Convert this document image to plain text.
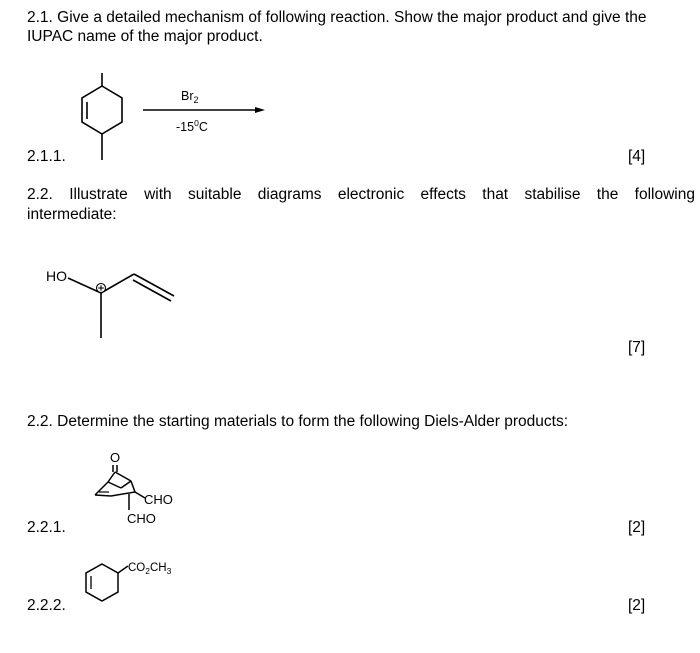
2.1. Give a detailed mechanism of following reaction. Show the major product and give the
IUPAC name of the major product.
$Br_2$
$-15^0C$
2.1.1.	[4]
2.2. Illustrate with suitable diagrams electronic effects that stabilise the following
intermediate:
HO
[7]
2.2. Determine the starting materials to form the following Diels-Alder products:
O
CHO
CHO
2.2.1.	[2]
$CO_2CH_3$
2.2.2.	[2]
